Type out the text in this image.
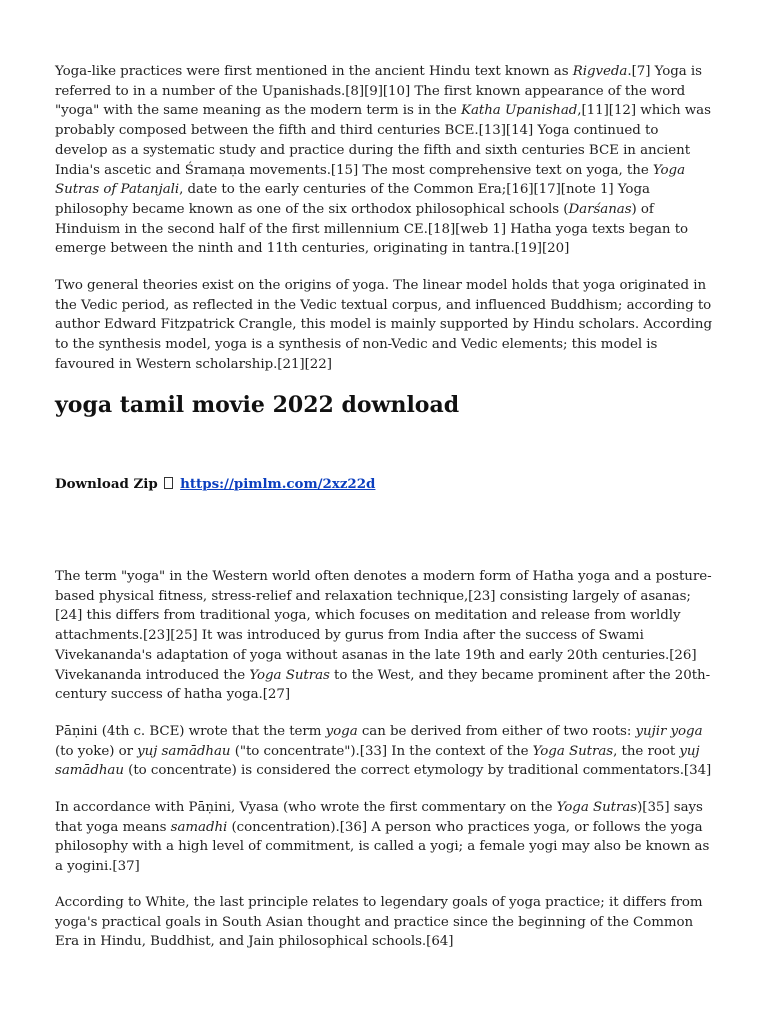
Yoga-like practices were first mentioned in the ancient Hindu text known as Rigveda.[7] Yoga is referred to in a number of the Upanishads.[8][9][10] The first known appearance of the word "yoga" with the same meaning as the modern term is in the Katha Upanishad,[11][12] which was probably composed between the fifth and third centuries BCE.[13][14] Yoga continued to develop as a systematic study and practice during the fifth and sixth centuries BCE in ancient India's ascetic and Śramaṇa movements.[15] The most comprehensive text on yoga, the Yoga Sutras of Patanjali, date to the early centuries of the Common Era;[16][17][note 1] Yoga philosophy became known as one of the six orthodox philosophical schools (Darśanas) of Hinduism in the second half of the first millennium CE.[18][web 1] Hatha yoga texts began to emerge between the ninth and 11th centuries, originating in tantra.[19][20]

Two general theories exist on the origins of yoga. The linear model holds that yoga originated in the Vedic period, as reflected in the Vedic textual corpus, and influenced Buddhism; according to author Edward Fitzpatrick Crangle, this model is mainly supported by Hindu scholars. According to the synthesis model, yoga is a synthesis of non-Vedic and Vedic elements; this model is favoured in Western scholarship.[21][22]

yoga tamil movie 2022 download

Download Zip https://pimlm.com/2xz22d

The term "yoga" in the Western world often denotes a modern form of Hatha yoga and a posture-based physical fitness, stress-relief and relaxation technique,[23] consisting largely of asanas;[24] this differs from traditional yoga, which focuses on meditation and release from worldly attachments.[23][25] It was introduced by gurus from India after the success of Swami Vivekananda's adaptation of yoga without asanas in the late 19th and early 20th centuries.[26] Vivekananda introduced the Yoga Sutras to the West, and they became prominent after the 20th-century success of hatha yoga.[27]

Pāṇini (4th c. BCE) wrote that the term yoga can be derived from either of two roots: yujir yoga (to yoke) or yuj samādhau ("to concentrate").[33] In the context of the Yoga Sutras, the root yuj samādhau (to concentrate) is considered the correct etymology by traditional commentators.[34]

In accordance with Pāṇini, Vyasa (who wrote the first commentary on the Yoga Sutras)[35] says that yoga means samadhi (concentration).[36] A person who practices yoga, or follows the yoga philosophy with a high level of commitment, is called a yogi; a female yogi may also be known as a yogini.[37]

According to White, the last principle relates to legendary goals of yoga practice; it differs from yoga's practical goals in South Asian thought and practice since the beginning of the Common Era in Hindu, Buddhist, and Jain philosophical schools.[64]
